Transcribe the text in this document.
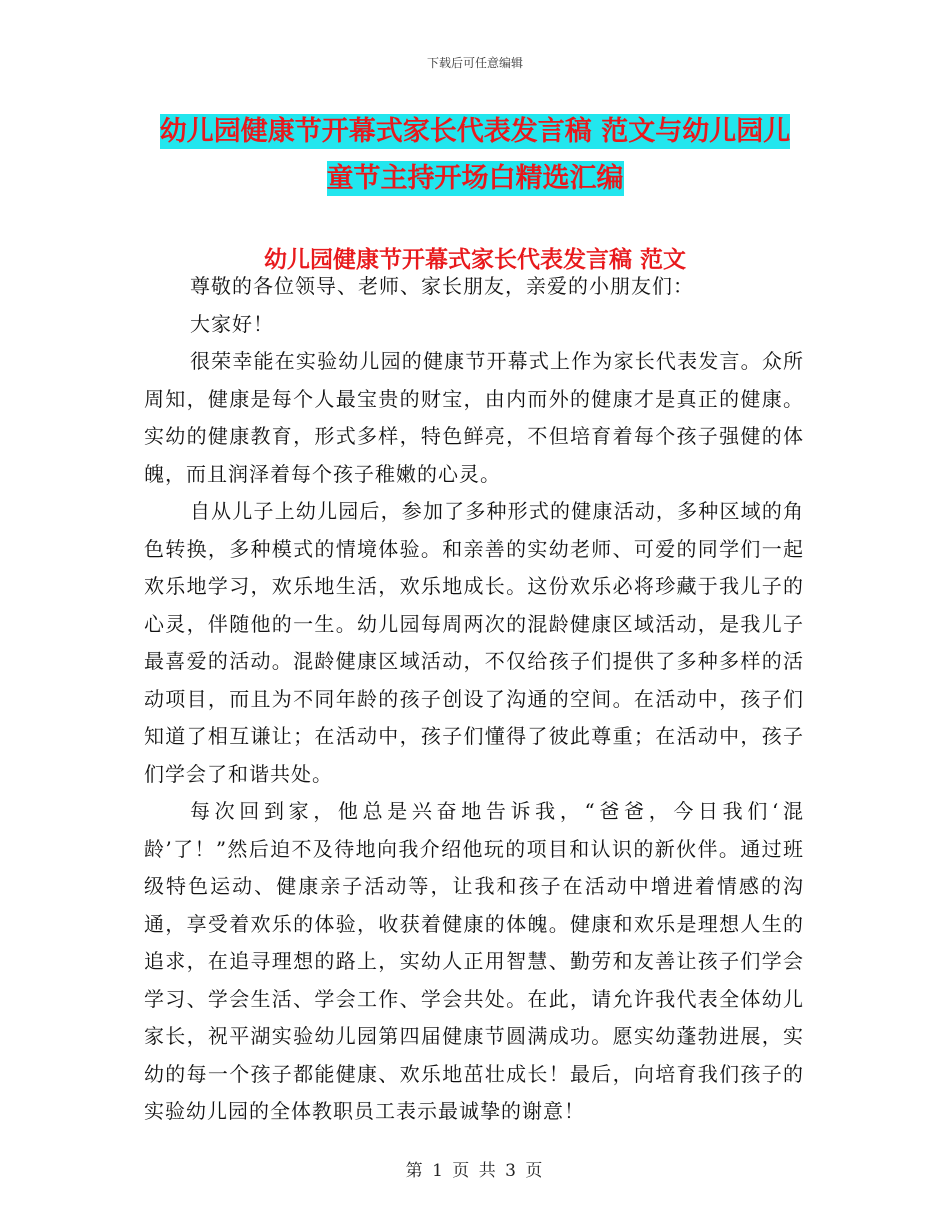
下载后可任意编辑
幼儿园健康节开幕式家长代表发言稿 范文与幼儿园儿
童节主持开场白精选汇编
幼儿园健康节开幕式家长代表发言稿 范文

尊敬的各位领导、老师、家长朋友，亲爱的小朋友们：

大家好！

很荣幸能在实验幼儿园的健康节开幕式上作为家长代表发言。众所周知，健康是每个人最宝贵的财宝，由内而外的健康才是真正的健康。实幼的健康教育，形式多样，特色鲜亮，不但培育着每个孩子强健的体魄，而且润泽着每个孩子稚嫩的心灵。

自从儿子上幼儿园后，参加了多种形式的健康活动，多种区域的角色转换，多种模式的情境体验。和亲善的实幼老师、可爱的同学们一起欢乐地学习，欢乐地生活，欢乐地成长。这份欢乐必将珍藏于我儿子的心灵，伴随他的一生。幼儿园每周两次的混龄健康区域活动，是我儿子最喜爱的活动。混龄健康区域活动，不仅给孩子们提供了多种多样的活动项目，而且为不同年龄的孩子创设了沟通的空间。在活动中，孩子们知道了相互谦让；在活动中，孩子们懂得了彼此尊重；在活动中，孩子们学会了和谐共处。

每次回到家，他总是兴奋地告诉我，“爸爸，今日我们‘混龄’了！”然后迫不及待地向我介绍他玩的项目和认识的新伙伴。通过班级特色运动、健康亲子活动等，让我和孩子在活动中增进着情感的沟通，享受着欢乐的体验，收获着健康的体魄。健康和欢乐是理想人生的追求，在追寻理想的路上，实幼人正用智慧、勤劳和友善让孩子们学会学习、学会生活、学会工作、学会共处。在此，请允许我代表全体幼儿家长，祝平湖实验幼儿园第四届健康节圆满成功。愿实幼蓬勃进展，实幼的每一个孩子都能健康、欢乐地茁壮成长！最后，向培育我们孩子的实验幼儿园的全体教职员工表示最诚挚的谢意！

第 1 页 共 3 页
